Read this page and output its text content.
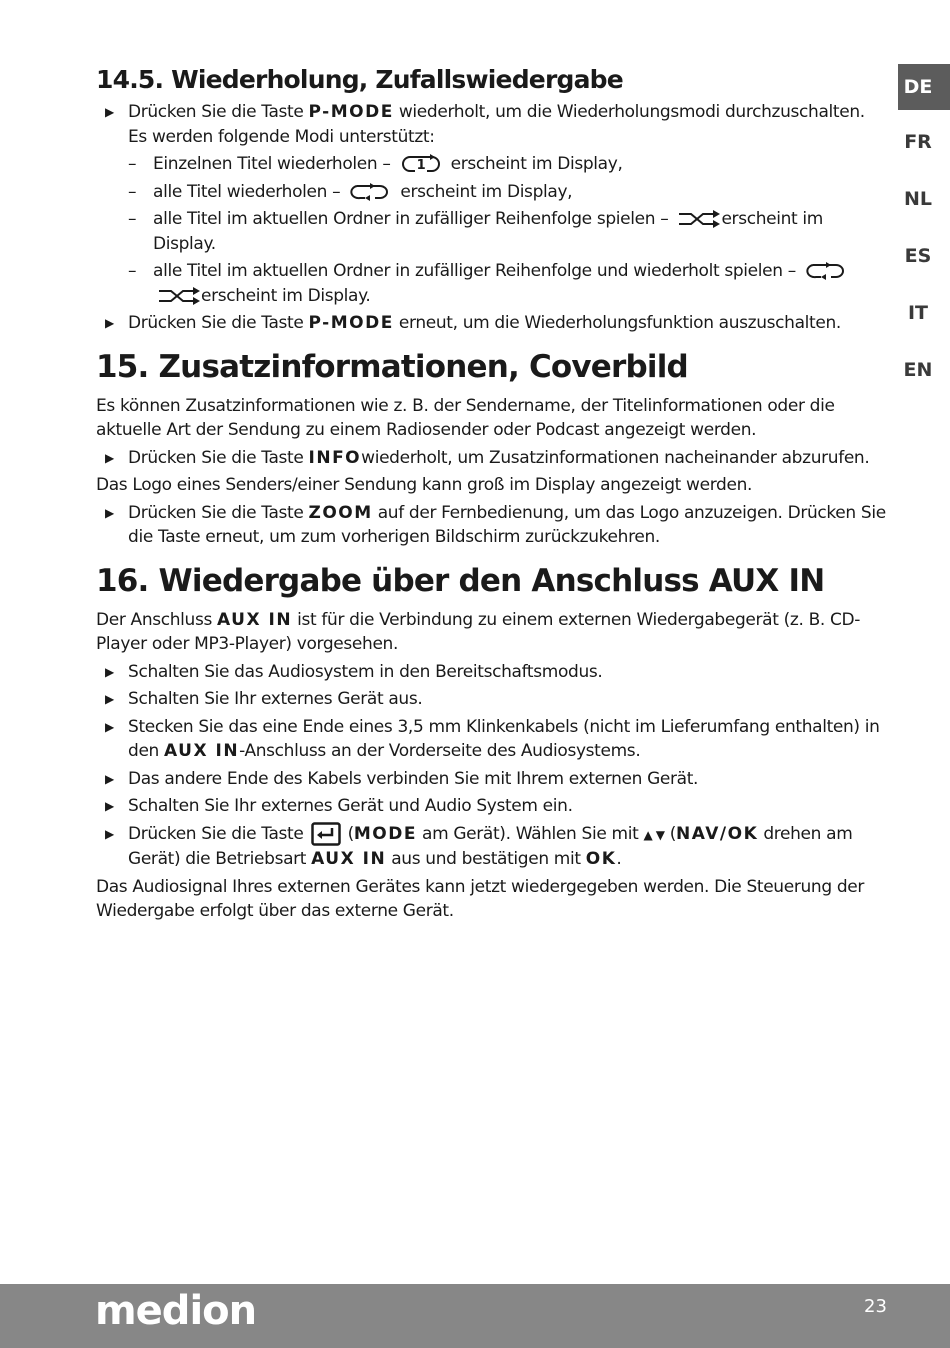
DE
FR
NL
ES
IT
EN
14.5. Wiederholung, Zufallswiedergabe
▶ Drücken Sie die Taste P-MODE wiederholt, um die Wiederholungsmodi durchzuschalten. Es werden folgende Modi unterstützt:
– Einzelnen Titel wiederholen – 1 erscheint im Display,
– alle Titel wiederholen –	erscheint im Display,
– alle Titel im aktuellen Ordner in zufälliger Reihenfolge spielen –	erscheint im Display.
– alle Titel im aktuellen Ordner in zufälliger Reihenfolge und wiederholt spielen –

erscheint im Display.
▶ Drücken Sie die Taste P-MODE erneut, um die Wiederholungsfunktion auszuschalten.
15. Zusatzinformationen, Coverbild

Es können Zusatzinformationen wie z. B. der Sendername, der Titelinformationen oder die aktuelle Art der Sendung zu einem Radiosender oder Podcast angezeigt werden.

▶ Drücken Sie die Taste INFOwiederholt, um Zusatzinformationen nacheinander abzurufen.

Das Logo eines Senders/einer Sendung kann groß im Display angezeigt werden.

▶ Drücken Sie die Taste ZOOM auf der Fernbedienung, um das Logo anzuzeigen. Drücken Sie die Taste erneut, um zum vorherigen Bildschirm zurückzukehren.
16. Wiedergabe über den Anschluss AUX IN

Der Anschluss AUX IN ist für die Verbindung zu einem externen Wiedergabegerät (z. B. CD-Player oder MP3-Player) vorgesehen.

▶ Schalten Sie das Audiosystem in den Bereitschaftsmodus.
▶ Schalten Sie Ihr externes Gerät aus.
▶ Stecken Sie das eine Ende eines 3,5 mm Klinkenkabels (nicht im Lieferumfang enthalten) in den AUX IN-Anschluss an der Vorderseite des Audiosystems.
▶ Das andere Ende des Kabels verbinden Sie mit Ihrem externen Gerät.
▶ Schalten Sie Ihr externes Gerät und Audio System ein.
▶ Drücken Sie die Taste	(MODE am Gerät). Wählen Sie mit ▲ ▼ (NAV/OK drehen am Gerät) die Betriebsart AUX IN aus und bestätigen mit OK.

Das Audiosignal Ihres externen Gerätes kann jetzt wiedergegeben werden. Die Steuerung der Wiedergabe erfolgt über das externe Gerät.

medion	23
